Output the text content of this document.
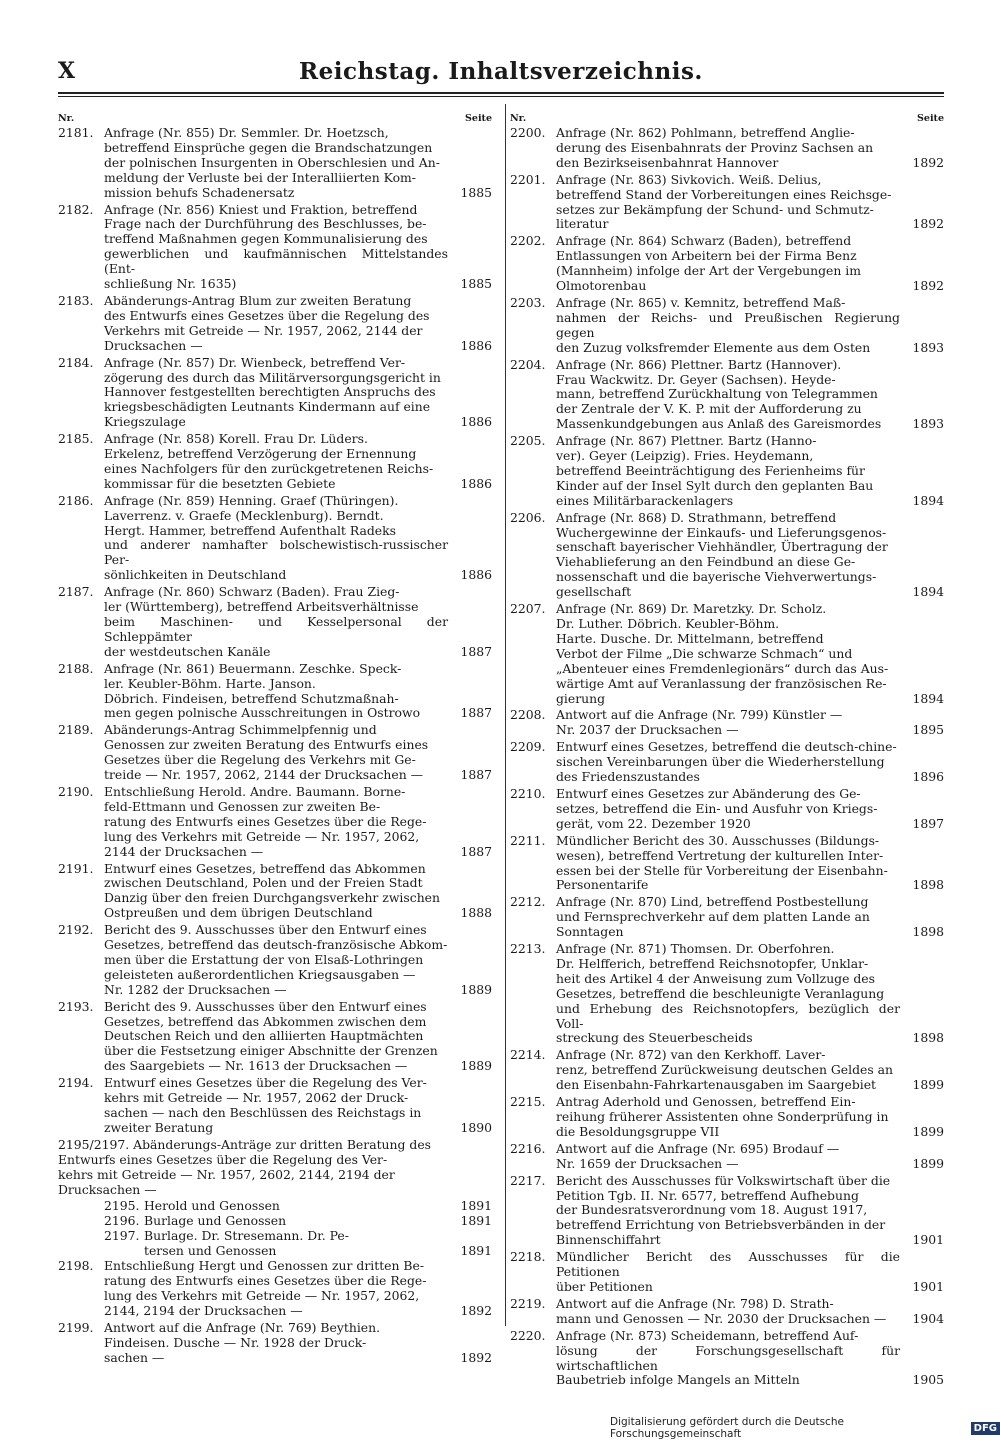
X	Reichstag. Inhaltsverzeichnis.
Nr.	Seite
2181. Anfrage (Nr. 855) Dr. Semmler. Dr. Hoetzsch,
betreffend Einsprüche gegen die Brandschatzungen
der polnischen Insurgenten in Oberschlesien und An-
meldung der Verluste bei der Interalliierten Kom-
mission behufs Schadenersatz	1885
2182. Anfrage (Nr. 856) Kniest und Fraktion, betreffend
Frage nach der Durchführung des Beschlusses, be-
treffend Maßnahmen gegen Kommunalisierung des
gewerblichen und kaufmännischen Mittelstandes (Ent-
schließung Nr. 1635)	1885
2183. Abänderungs-Antrag Blum zur zweiten Beratung
des Entwurfs eines Gesetzes über die Regelung des
Verkehrs mit Getreide — Nr. 1957, 2062, 2144 der
Drucksachen —	1886
2184. Anfrage (Nr. 857) Dr. Wienbeck, betreffend Ver-
zögerung des durch das Militärversorgungsgericht in
Hannover festgestellten berechtigten Anspruchs des
kriegsbeschädigten Leutnants Kindermann auf eine
Kriegszulage	1886
2185. Anfrage (Nr. 858) Korell. Frau Dr. Lüders.
Erkelenz, betreffend Verzögerung der Ernennung
eines Nachfolgers für den zurückgetretenen Reichs-
kommissar für die besetzten Gebiete	1886
2186. Anfrage (Nr. 859) Henning. Graef (Thüringen).
Laverrenz. v. Graefe (Mecklenburg). Berndt.
Hergt. Hammer, betreffend Aufenthalt Radeks
und anderer namhafter bolschewistisch-russischer Per-
sönlichkeiten in Deutschland	1886
2187. Anfrage (Nr. 860) Schwarz (Baden). Frau Zieg-
ler (Württemberg), betreffend Arbeitsverhältnisse
beim Maschinen- und Kesselpersonal der Schleppämter
der westdeutschen Kanäle	1887
2188. Anfrage (Nr. 861) Beuermann. Zeschke. Speck-
ler. Keubler-Böhm. Harte. Janson.
Döbrich. Findeisen, betreffend Schutzmaßnah-
men gegen polnische Ausschreitungen in Ostrowo	1887
2189. Abänderungs-Antrag Schimmelpfennig und
Genossen zur zweiten Beratung des Entwurfs eines
Gesetzes über die Regelung des Verkehrs mit Ge-
treide — Nr. 1957, 2062, 2144 der Drucksachen —	1887
2190. Entschließung Herold. Andre. Baumann. Borne-
feld-Ettmann und Genossen zur zweiten Be-
ratung des Entwurfs eines Gesetzes über die Rege-
lung des Verkehrs mit Getreide — Nr. 1957, 2062,
2144 der Drucksachen —	1887
2191. Entwurf eines Gesetzes, betreffend das Abkommen
zwischen Deutschland, Polen und der Freien Stadt
Danzig über den freien Durchgangsverkehr zwischen
Ostpreußen und dem übrigen Deutschland	1888
2192. Bericht des 9. Ausschusses über den Entwurf eines
Gesetzes, betreffend das deutsch-französische Abkom-
men über die Erstattung der von Elsaß-Lothringen
geleisteten außerordentlichen Kriegsausgaben —
Nr. 1282 der Drucksachen —	1889
2193. Bericht des 9. Ausschusses über den Entwurf eines
Gesetzes, betreffend das Abkommen zwischen dem
Deutschen Reich und den alliierten Hauptmächten
über die Festsetzung einiger Abschnitte der Grenzen
des Saargebiets — Nr. 1613 der Drucksachen —	1889
2194. Entwurf eines Gesetzes über die Regelung des Ver-
kehrs mit Getreide — Nr. 1957, 2062 der Druck-
sachen — nach den Beschlüssen des Reichstags in
zweiter Beratung	1890
2195/2197. Abänderungs-Anträge zur dritten Beratung des
Entwurfs eines Gesetzes über die Regelung des Ver-
kehrs mit Getreide — Nr. 1957, 2602, 2144, 2194 der
Drucksachen —
2195. Herold und Genossen	1891
2196. Burlage und Genossen	1891
2197. Burlage. Dr. Stresemann. Dr. Pe-
tersen und Genossen	1891
2198. Entschließung Hergt und Genossen zur dritten Be-
ratung des Entwurfs eines Gesetzes über die Rege-
lung des Verkehrs mit Getreide — Nr. 1957, 2062,
2144, 2194 der Drucksachen —	1892
2199. Antwort auf die Anfrage (Nr. 769) Beythien.
Findeisen. Dusche — Nr. 1928 der Druck-
sachen —	1892
Nr.	Seite
2200. Anfrage (Nr. 862) Pohlmann, betreffend Anglie-
derung des Eisenbahnrats der Provinz Sachsen an
den Bezirkseisenbahnrat Hannover	1892
2201. Anfrage (Nr. 863) Sivkovich. Weiß. Delius,
betreffend Stand der Vorbereitungen eines Reichsge-
setzes zur Bekämpfung der Schund- und Schmutz-
literatur	1892
2202. Anfrage (Nr. 864) Schwarz (Baden), betreffend
Entlassungen von Arbeitern bei der Firma Benz
(Mannheim) infolge der Art der Vergebungen im
Olmotorenbau	1892
2203. Anfrage (Nr. 865) v. Kemnitz, betreffend Maß-
nahmen der Reichs- und Preußischen Regierung gegen
den Zuzug volksfremder Elemente aus dem Osten	1893
2204. Anfrage (Nr. 866) Plettner. Bartz (Hannover).
Frau Wackwitz. Dr. Geyer (Sachsen). Heyde-
mann, betreffend Zurückhaltung von Telegrammen
der Zentrale der V. K. P. mit der Aufforderung zu
Massenkundgebungen aus Anlaß des Gareismordes	1893
2205. Anfrage (Nr. 867) Plettner. Bartz (Hanno-
ver). Geyer (Leipzig). Fries. Heydemann,
betreffend Beeinträchtigung des Ferienheims für
Kinder auf der Insel Sylt durch den geplanten Bau
eines Militärbarackenlagers	1894
2206. Anfrage (Nr. 868) D. Strathmann, betreffend
Wuchergewinne der Einkaufs- und Lieferungsgenos-
senschaft bayerischer Viehhändler, Übertragung der
Viehablieferung an den Feindbund an diese Ge-
nossenschaft und die bayerische Viehverwertungs-
gesellschaft	1894
2207. Anfrage (Nr. 869) Dr. Maretzky. Dr. Scholz.
Dr. Luther. Döbrich. Keubler-Böhm.
Harte. Dusche. Dr. Mittelmann, betreffend
Verbot der Filme „Die schwarze Schmach“ und
„Abenteuer eines Fremdenlegionärs“ durch das Aus-
wärtige Amt auf Veranlassung der französischen Re-
gierung	1894
2208. Antwort auf die Anfrage (Nr. 799) Künstler —
Nr. 2037 der Drucksachen —	1895
2209. Entwurf eines Gesetzes, betreffend die deutsch-chine-
sischen Vereinbarungen über die Wiederherstellung
des Friedenszustandes	1896
2210. Entwurf eines Gesetzes zur Abänderung des Ge-
setzes, betreffend die Ein- und Ausfuhr von Kriegs-
gerät, vom 22. Dezember 1920	1897
2211. Mündlicher Bericht des 30. Ausschusses (Bildungs-
wesen), betreffend Vertretung der kulturellen Inter-
essen bei der Stelle für Vorbereitung der Eisenbahn-
Personentarife	1898
2212. Anfrage (Nr. 870) Lind, betreffend Postbestellung
und Fernsprechverkehr auf dem platten Lande an
Sonntagen	1898
2213. Anfrage (Nr. 871) Thomsen. Dr. Oberfohren.
Dr. Helfferich, betreffend Reichsnotopfer, Unklar-
heit des Artikel 4 der Anweisung zum Vollzuge des
Gesetzes, betreffend die beschleunigte Veranlagung
und Erhebung des Reichsnotopfers, bezüglich der Voll-
streckung des Steuerbescheids	1898
2214. Anfrage (Nr. 872) van den Kerkhoff. Laver-
renz, betreffend Zurückweisung deutschen Geldes an
den Eisenbahn-Fahrkartenausgaben im Saargebiet	1899
2215. Antrag Aderhold und Genossen, betreffend Ein-
reihung früherer Assistenten ohne Sonderprüfung in
die Besoldungsgruppe VII	1899
2216. Antwort auf die Anfrage (Nr. 695) Brodauf —
Nr. 1659 der Drucksachen —	1899
2217. Bericht des Ausschusses für Volkswirtschaft über die
Petition Tgb. II. Nr. 6577, betreffend Aufhebung
der Bundesratsverordnung vom 18. August 1917,
betreffend Errichtung von Betriebsverbänden in der
Binnenschiffahrt	1901
2218. Mündlicher Bericht des Ausschusses für die Petitionen
über Petitionen	1901
2219. Antwort auf die Anfrage (Nr. 798) D. Strath-
mann und Genossen — Nr. 2030 der Drucksachen —	1904
2220. Anfrage (Nr. 873) Scheidemann, betreffend Auf-
lösung der Forschungsgesellschaft für wirtschaftlichen
Baubetrieb infolge Mangels an Mitteln	1905
Digitalisierung gefördert durch die Deutsche Forschungsgemeinschaft	DFG
